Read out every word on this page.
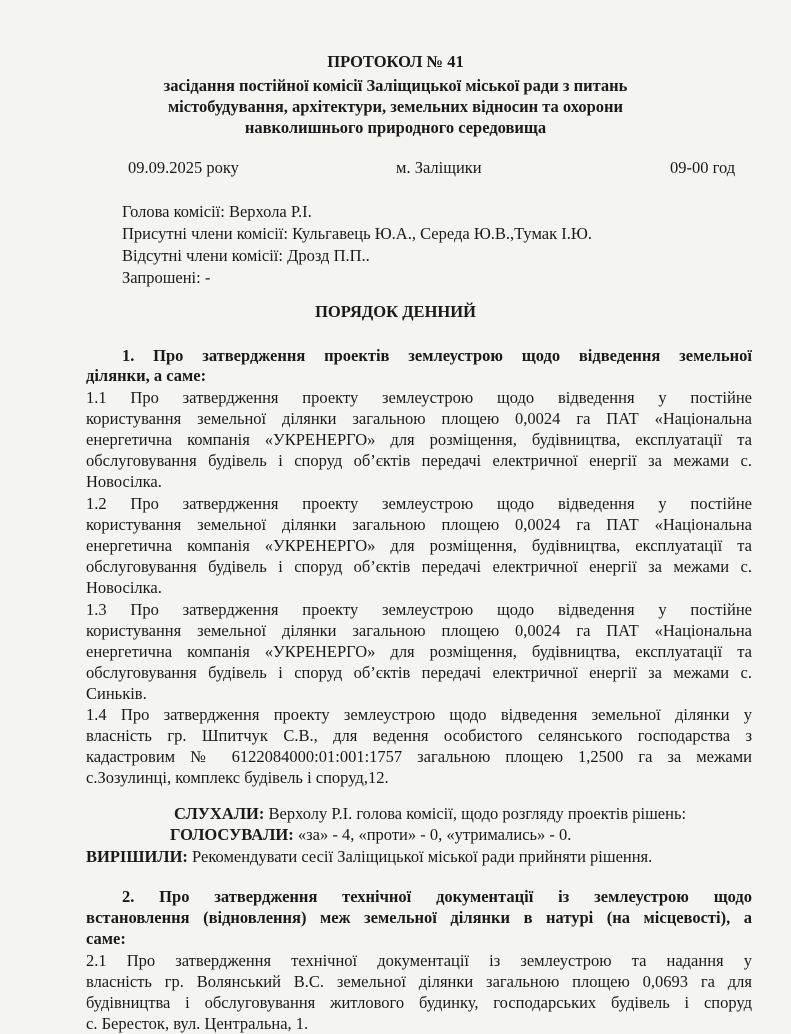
ПРОТОКОЛ № 41
засідання постійної комісії Заліщицької міської ради з питань
містобудування, архітектури, земельних відносин та охорони
навколишнього природного середовища
09.09.2025 року	м. Заліщики	09-00 год
Голова комісії: Верхола Р.І.
Присутні члени комісії: Кульгавець Ю.А., Середа Ю.В.,Тумак І.Ю.
Відсутні члени комісії: Дрозд П.П..
Запрошені: -
ПОРЯДОК ДЕННИЙ
1. Про затвердження проектів землеустрою щодо відведення земельної
ділянки, а саме:
1.1 Про затвердження проекту землеустрою щодо відведення у постійне
користування земельної ділянки загальною площею 0,0024 га ПАТ «Національна
енергетична компанія «УКРЕНЕРГО» для розміщення, будівництва, експлуатації та
обслуговування будівель і споруд об’єктів передачі електричної енергії за межами с.
Новосілка.
1.2 Про затвердження проекту землеустрою щодо відведення у постійне
користування земельної ділянки загальною площею 0,0024 га ПАТ «Національна
енергетична компанія «УКРЕНЕРГО» для розміщення, будівництва, експлуатації та
обслуговування будівель і споруд об’єктів передачі електричної енергії за межами с.
Новосілка.
1.3 Про затвердження проекту землеустрою щодо відведення у постійне
користування земельної ділянки загальною площею 0,0024 га ПАТ «Національна
енергетична компанія «УКРЕНЕРГО» для розміщення, будівництва, експлуатації та
обслуговування будівель і споруд об’єктів передачі електричної енергії за межами с.
Синьків.
1.4 Про затвердження проекту землеустрою щодо відведення земельної ділянки у
власність гр. Шпитчук С.В., для ведення особистого селянського господарства з
кадастровим № 6122084000:01:001:1757 загальною площею 1,2500 га за межами
с.Зозулинці, комплекс будівель і споруд,12.
СЛУХАЛИ: Верхолу Р.І. голова комісії, щодо розгляду проектів рішень:
ГОЛОСУВАЛИ: «за» - 4, «проти» - 0, «утримались» - 0.
ВИРІШИЛИ: Рекомендувати сесії Заліщицької міської ради прийняти рішення.
2. Про затвердження технічної документації із землеустрою щодо
встановлення (відновлення) меж земельної ділянки в натурі (на місцевості), а
саме:
2.1 Про затвердження технічної документації із землеустрою та надання у
власність гр. Волянський В.С. земельної ділянки загальною площею 0,0693 га для
будівництва і обслуговування житлового будинку, господарських будівель і споруд
с. Бересток, вул. Центральна, 1.
